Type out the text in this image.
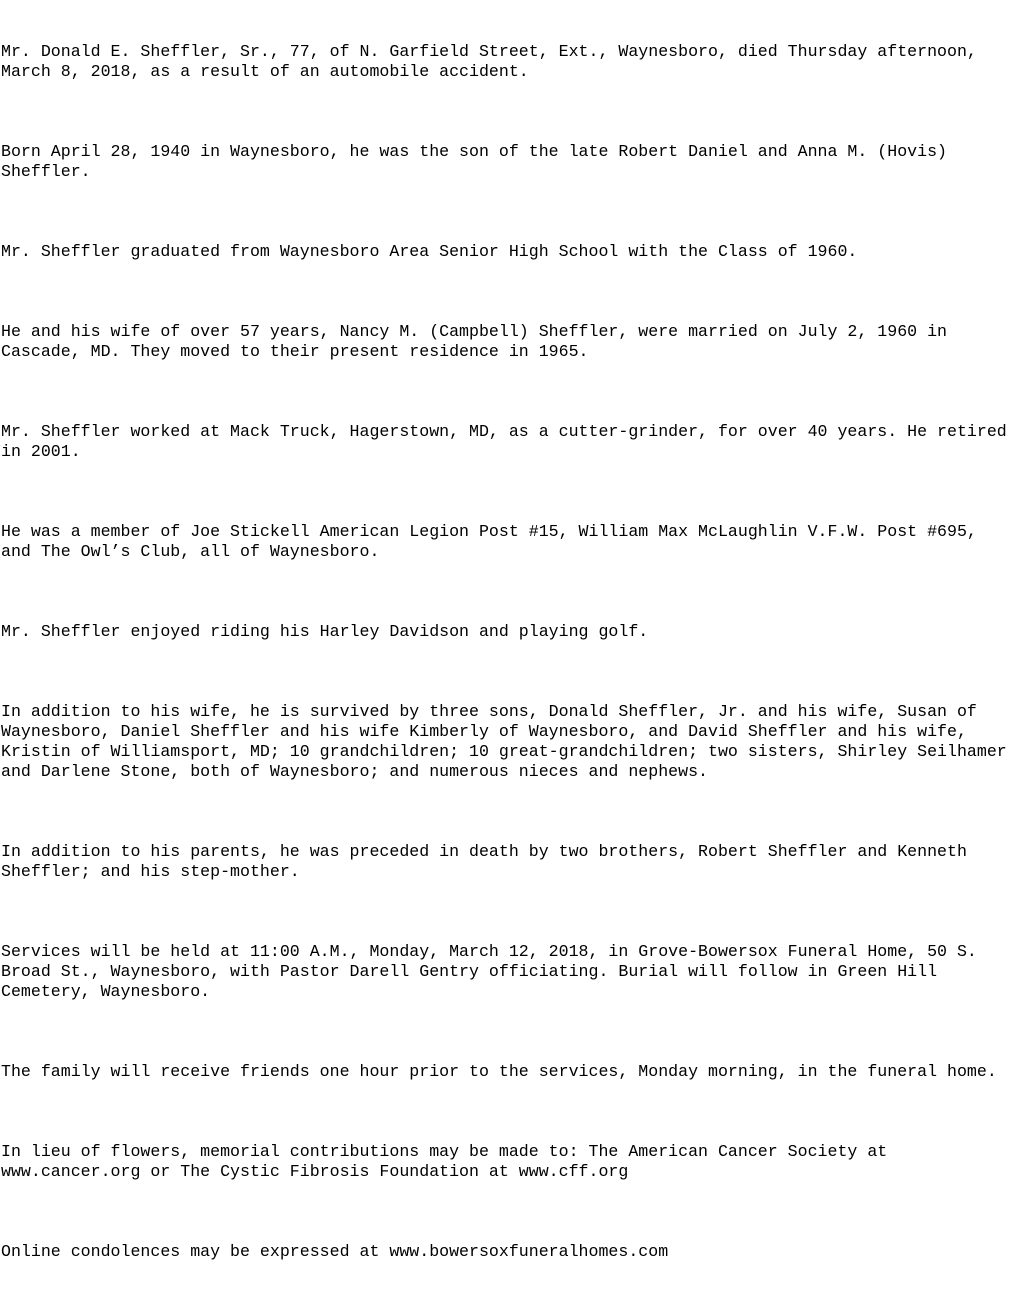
Mr. Donald E. Sheffler, Sr., 77, of N. Garfield Street, Ext., Waynesboro, died Thursday afternoon,
March 8, 2018, as a result of an automobile accident.

Born April 28, 1940 in Waynesboro, he was the son of the late Robert Daniel and Anna M. (Hovis)
Sheffler.

Mr. Sheffler graduated from Waynesboro Area Senior High School with the Class of 1960.

He and his wife of over 57 years, Nancy M. (Campbell) Sheffler, were married on July 2, 1960 in
Cascade, MD. They moved to their present residence in 1965.

Mr. Sheffler worked at Mack Truck, Hagerstown, MD, as a cutter-grinder, for over 40 years. He retired
in 2001.

He was a member of Joe Stickell American Legion Post #15, William Max McLaughlin V.F.W. Post #695,
and The Owl’s Club, all of Waynesboro.

Mr. Sheffler enjoyed riding his Harley Davidson and playing golf.

In addition to his wife, he is survived by three sons, Donald Sheffler, Jr. and his wife, Susan of
Waynesboro, Daniel Sheffler and his wife Kimberly of Waynesboro, and David Sheffler and his wife,
Kristin of Williamsport, MD; 10 grandchildren; 10 great-grandchildren; two sisters, Shirley Seilhamer
and Darlene Stone, both of Waynesboro; and numerous nieces and nephews.

In addition to his parents, he was preceded in death by two brothers, Robert Sheffler and Kenneth
Sheffler; and his step-mother.

Services will be held at 11:00 A.M., Monday, March 12, 2018, in Grove-Bowersox Funeral Home, 50 S.
Broad St., Waynesboro, with Pastor Darell Gentry officiating. Burial will follow in Green Hill
Cemetery, Waynesboro.

The family will receive friends one hour prior to the services, Monday morning, in the funeral home.

In lieu of flowers, memorial contributions may be made to: The American Cancer Society at
www.cancer.org or The Cystic Fibrosis Foundation at www.cff.org

Online condolences may be expressed at www.bowersoxfuneralhomes.com
